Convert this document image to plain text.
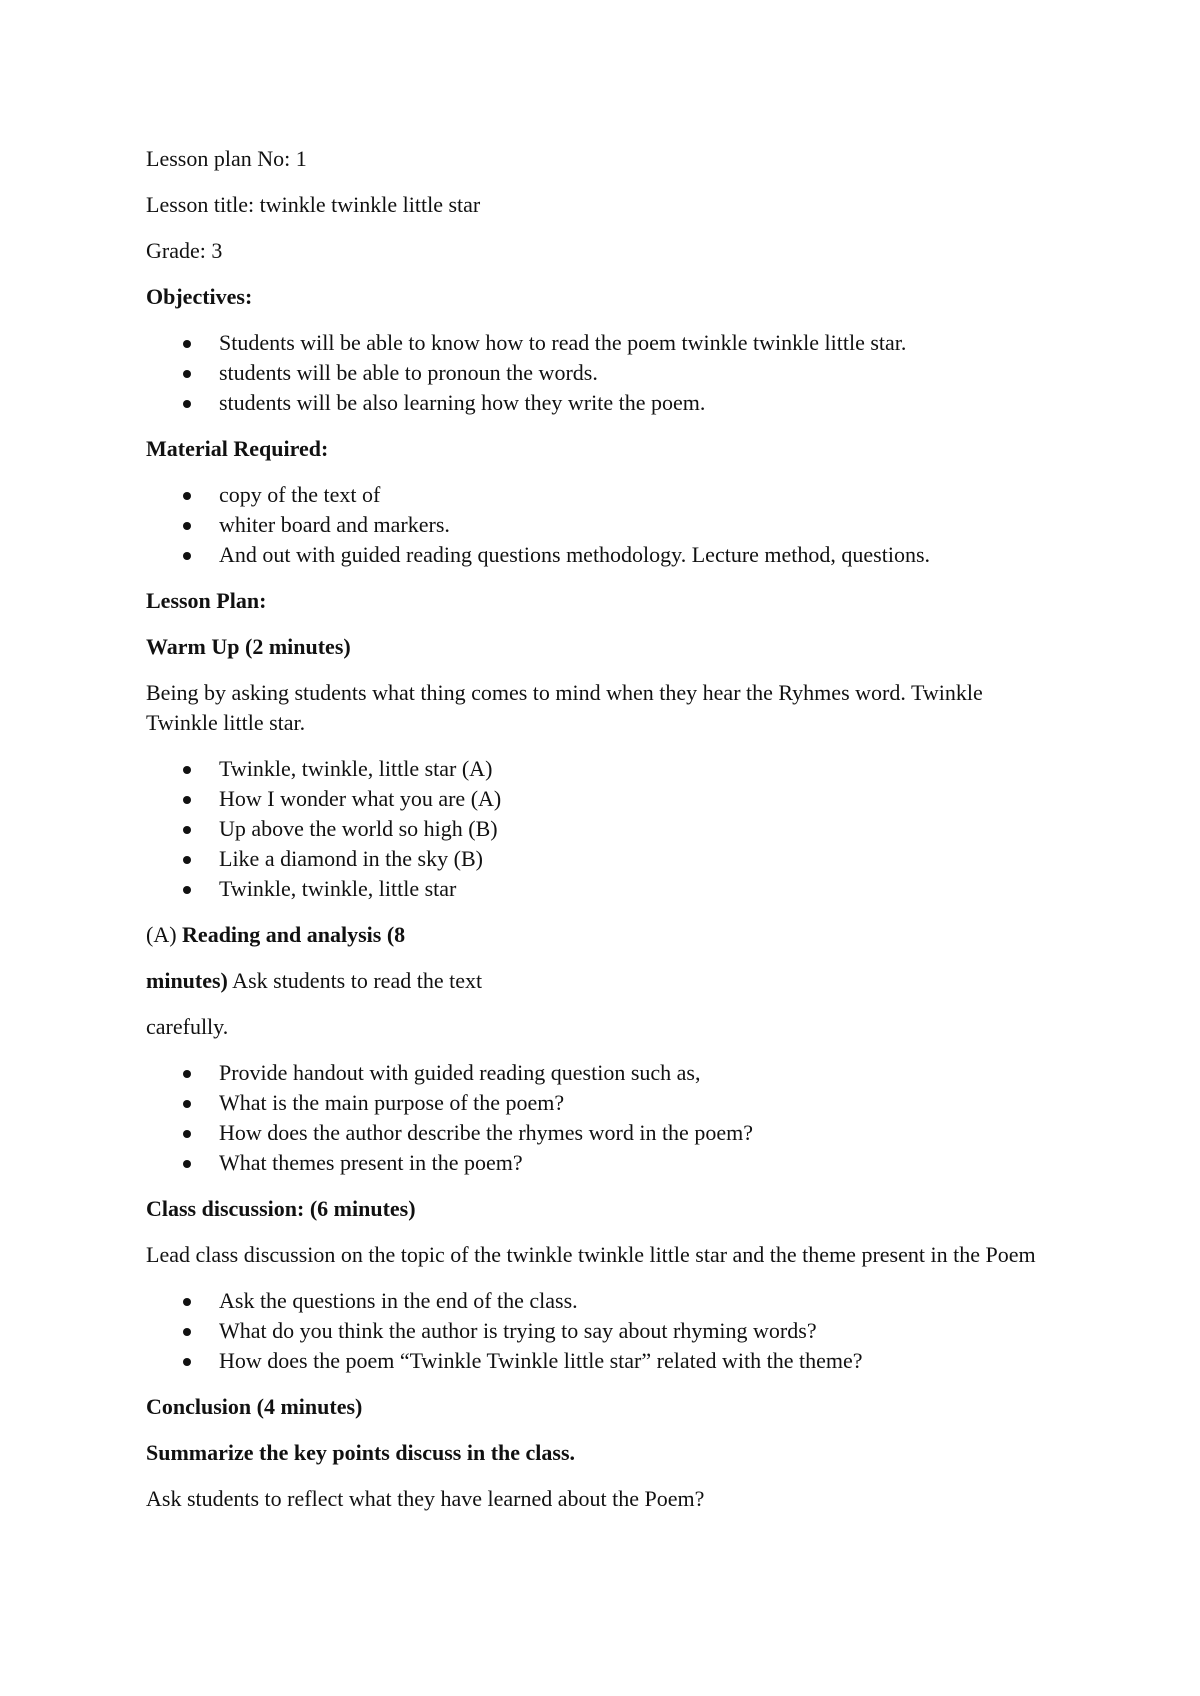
Lesson plan No: 1

Lesson title: twinkle twinkle little star

Grade: 3

Objectives:

Students will be able to know how to read the poem twinkle twinkle little star.
students will be able to pronoun the words.
students will be also learning how they write the poem.

Material Required:

copy of the text of
whiter board and markers.
And out with guided reading questions methodology. Lecture method, questions.

Lesson Plan:

Warm Up (2 minutes)

Being by asking students what thing comes to mind when they hear the Ryhmes word. Twinkle Twinkle little star.

Twinkle, twinkle, little star (A)
How I wonder what you are (A)
Up above the world so high (B)
Like a diamond in the sky (B)
Twinkle, twinkle, little star

(A) Reading and analysis (8

minutes) Ask students to read the text

carefully.

Provide handout with guided reading question such as,
What is the main purpose of the poem?
How does the author describe the rhymes word in the poem?
What themes present in the poem?

Class discussion: (6 minutes)

Lead class discussion on the topic of the twinkle twinkle little star and the theme present in the Poem

Ask the questions in the end of the class.
What do you think the author is trying to say about rhyming words?
How does the poem “Twinkle Twinkle little star” related with the theme?

Conclusion (4 minutes)

Summarize the key points discuss in the class.

Ask students to reflect what they have learned about the Poem?
